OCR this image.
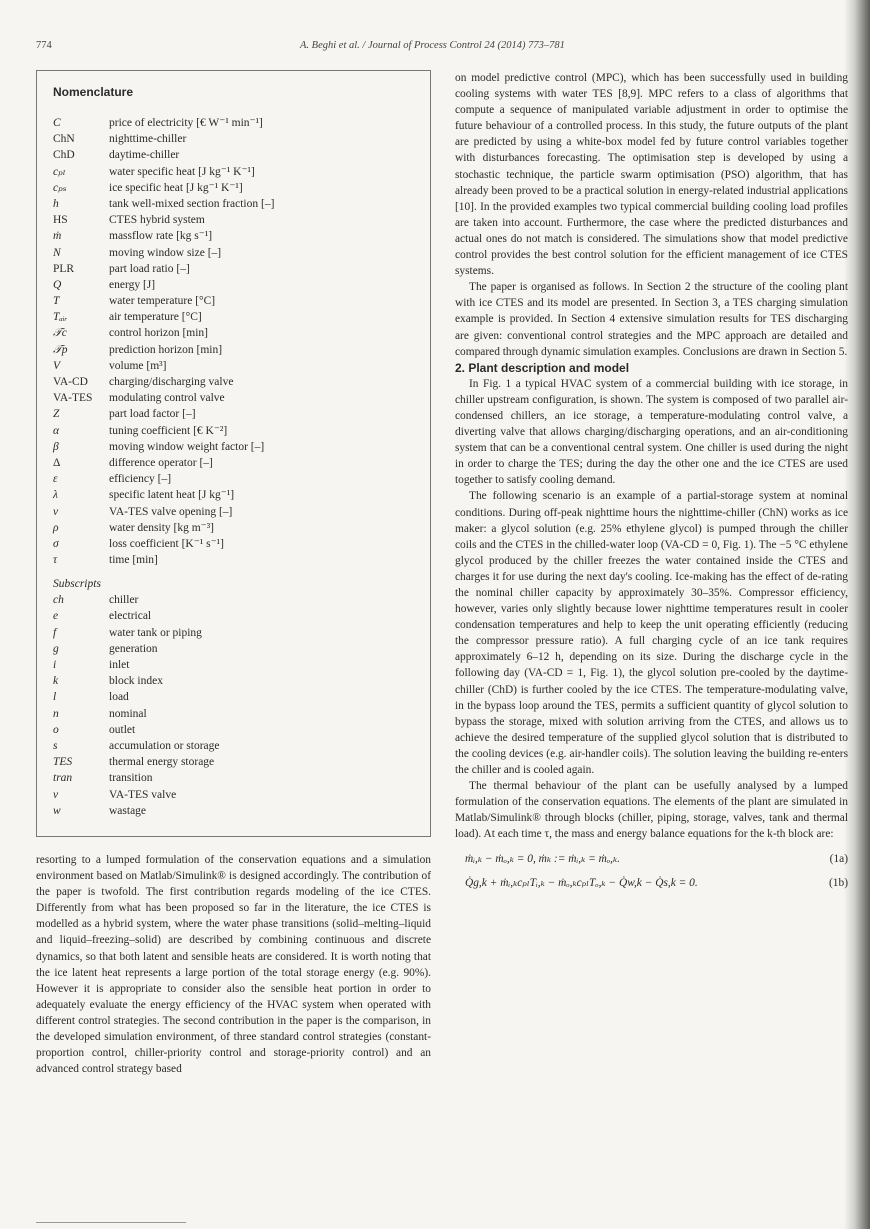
774	A. Beghi et al. / Journal of Process Control 24 (2014) 773–781
Nomenclature
C	price of electricity [€ W⁻¹ min⁻¹]
ChN	nighttime-chiller
ChD	daytime-chiller
cₚₗ	water specific heat [J kg⁻¹ K⁻¹]
cₚₛ	ice specific heat [J kg⁻¹ K⁻¹]
h	tank well-mixed section fraction [–]
HS	CTES hybrid system
ṁ	massflow rate [kg s⁻¹]
N	moving window size [–]
PLR	part load ratio [–]
Q	energy [J]
T	water temperature [°C]
Tₐᵢᵣ	air temperature [°C]
𝒯c	control horizon [min]
𝒯p	prediction horizon [min]
V	volume [m³]
VA-CD	charging/discharging valve
VA-TES	modulating control valve
Z	part load factor [–]
α	tuning coefficient [€ K⁻²]
β	moving window weight factor [–]
Δ	difference operator [–]
ε	efficiency [–]
λ	specific latent heat [J kg⁻¹]
ν	VA-TES valve opening [–]
ρ	water density [kg m⁻³]
σ	loss coefficient [K⁻¹ s⁻¹]
τ	time [min]
Subscripts
ch	chiller
e	electrical
f	water tank or piping
g	generation
i	inlet
k	block index
l	load
n	nominal
o	outlet
s	accumulation or storage
TES	thermal energy storage
tran	transition
v	VA-TES valve
w	wastage

resorting to a lumped formulation of the conservation equations and a simulation environment based on Matlab/Simulink® is designed accordingly. The contribution of the paper is twofold. The first contribution regards modeling of the ice CTES. Differently from what has been proposed so far in the literature, the ice CTES is modelled as a hybrid system, where the water phase transitions (solid–melting–liquid and liquid–freezing–solid) are described by combining continuous and discrete dynamics, so that both latent and sensible heats are considered. It is worth noting that the ice latent heat represents a large portion of the total storage energy (e.g. 90%). However it is appropriate to consider also the sensible heat portion in order to adequately evaluate the energy efficiency of the HVAC system when operated with different control strategies. The second contribution in the paper is the comparison, in the developed simulation environment, of three standard control strategies (constant-proportion control, chiller-priority control and storage-priority control) and an advanced control strategy based

on model predictive control (MPC), which has been successfully used in building cooling systems with water TES [8,9]. MPC refers to a class of algorithms that compute a sequence of manipulated variable adjustment in order to optimise the future behaviour of a controlled process. In this study, the future outputs of the plant are predicted by using a white-box model fed by future control variables together with disturbances forecasting. The optimisation step is developed by using a stochastic technique, the particle swarm optimisation (PSO) algorithm, that has already been proved to be a practical solution in energy-related industrial applications [10]. In the provided examples two typical commercial building cooling load profiles are taken into account. Furthermore, the case where the predicted disturbances and actual ones do not match is considered. The simulations show that model predictive control provides the best control solution for the efficient management of ice CTES systems.

The paper is organised as follows. In Section 2 the structure of the cooling plant with ice CTES and its model are presented. In Section 3, a TES charging simulation example is provided. In Section 4 extensive simulation results for TES discharging are given: conventional control strategies and the MPC approach are detailed and compared through dynamic simulation examples. Conclusions are drawn in Section 5.

2. Plant description and model

In Fig. 1 a typical HVAC system of a commercial building with ice storage, in chiller upstream configuration, is shown. The system is composed of two parallel air-condensed chillers, an ice storage, a temperature-modulating control valve, a diverting valve that allows charging/discharging operations, and an air-conditioning system that can be a conventional central system. One chiller is used during the night in order to charge the TES; during the day the other one and the ice CTES are used together to satisfy cooling demand.

The following scenario is an example of a partial-storage system at nominal conditions. During off-peak nighttime hours the nighttime-chiller (ChN) works as ice maker: a glycol solution (e.g. 25% ethylene glycol) is pumped through the chiller coils and the CTES in the chilled-water loop (VA-CD = 0, Fig. 1). The −5 °C ethylene glycol produced by the chiller freezes the water contained inside the CTES and charges it for use during the next day's cooling. Ice-making has the effect of de-rating the nominal chiller capacity by approximately 30–35%. Compressor efficiency, however, varies only slightly because lower nighttime temperatures result in cooler condensation temperatures and help to keep the unit operating efficiently (reducing the compressor pressure ratio). A full charging cycle of an ice tank requires approximately 6–12 h, depending on its size. During the discharge cycle in the following day (VA-CD = 1, Fig. 1), the glycol solution pre-cooled by the daytime-chiller (ChD) is further cooled by the ice CTES. The temperature-modulating valve, in the bypass loop around the TES, permits a sufficient quantity of glycol solution to bypass the storage, mixed with solution arriving from the CTES, and allows us to achieve the desired temperature of the supplied glycol solution that is distributed to the cooling devices (e.g. air-handler coils). The solution leaving the building re-enters the chiller and is cooled again.

The thermal behaviour of the plant can be usefully analysed by a lumped formulation of the conservation equations. The elements of the plant are simulated in Matlab/Simulink® through blocks (chiller, piping, storage, valves, tank and thermal load). At each time τ, the mass and energy balance equations for the k-th block are:

ṁᵢ,ₖ − ṁₒ,ₖ = 0, ṁₖ := ṁᵢ,ₖ = ṁₒ,ₖ.	(1a)
Q̇g,k + ṁᵢ,ₖcₚₗTᵢ,ₖ − ṁₒ,ₖcₚₗTₒ,ₖ − Q̇w,k − Q̇s,k = 0.	(1b)
